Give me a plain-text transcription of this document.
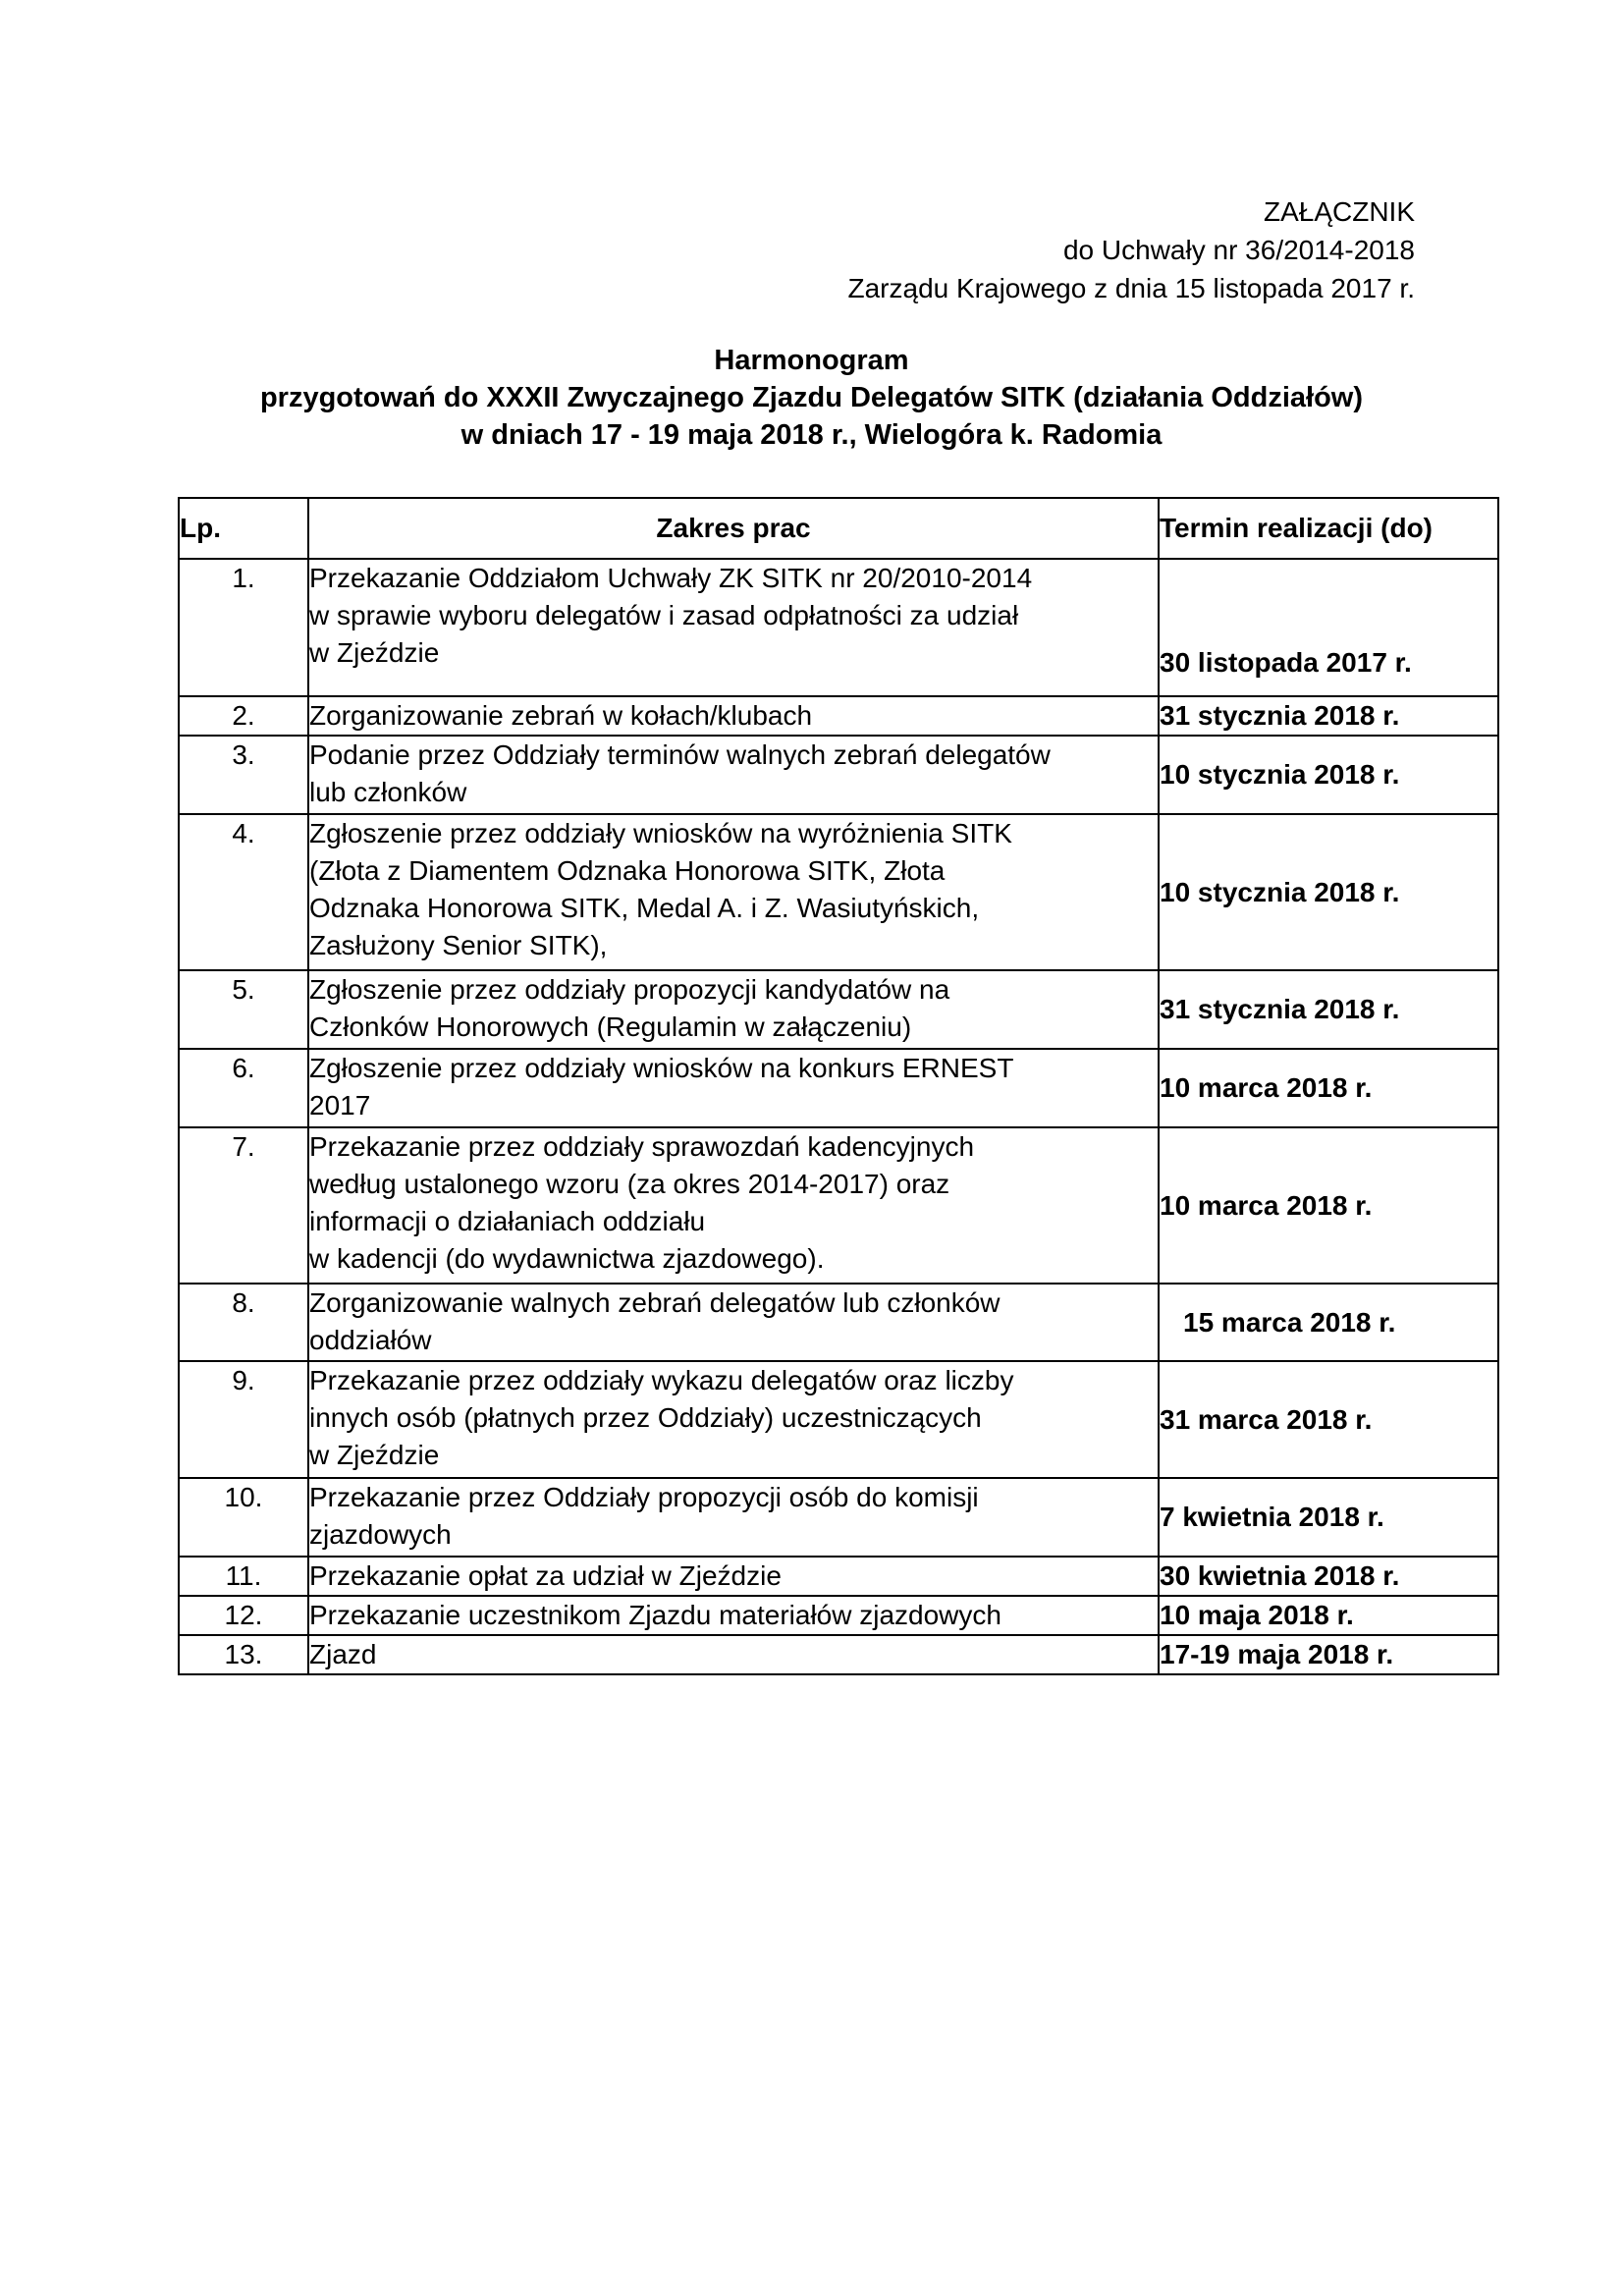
ZAŁĄCZNIK
do Uchwały nr 36/2014-2018
Zarządu Krajowego z dnia 15 listopada 2017 r.
Harmonogram
przygotowań do XXXII Zwyczajnego Zjazdu Delegatów SITK (działania Oddziałów)
w dniach 17 - 19 maja 2018 r., Wielogóra k. Radomia
Lp.	Zakres prac	Termin realizacji (do)
1.	Przekazanie Oddziałom Uchwały ZK SITK nr 20/2010-2014
w sprawie wyboru delegatów i zasad odpłatności za udział
w Zjeździe	30 listopada 2017 r.
2.	Zorganizowanie zebrań w kołach/klubach	31 stycznia 2018 r.
3.	Podanie przez Oddziały terminów walnych zebrań delegatów
lub członków	10 stycznia 2018 r.
4.	Zgłoszenie przez oddziały wniosków na wyróżnienia SITK
(Złota z Diamentem Odznaka Honorowa SITK, Złota
Odznaka Honorowa SITK, Medal A. i Z. Wasiutyńskich,
Zasłużony Senior SITK),	10 stycznia 2018 r.
5.	Zgłoszenie przez oddziały propozycji kandydatów na
Członków Honorowych (Regulamin w załączeniu)	31 stycznia 2018 r.
6.	Zgłoszenie przez oddziały wniosków na konkurs ERNEST
2017	10 marca 2018 r.
7.	Przekazanie przez oddziały sprawozdań kadencyjnych
według ustalonego wzoru (za okres 2014-2017) oraz
informacji o działaniach oddziału
w kadencji (do wydawnictwa zjazdowego).	10 marca 2018 r.
8.	Zorganizowanie walnych zebrań delegatów lub członków
oddziałów	15 marca 2018 r.
9.	Przekazanie przez oddziały wykazu delegatów oraz liczby
innych osób (płatnych przez Oddziały) uczestniczących
w Zjeździe	31 marca 2018 r.
10.	Przekazanie przez Oddziały propozycji osób do komisji
zjazdowych	7 kwietnia 2018 r.
11.	Przekazanie opłat za udział w Zjeździe	30 kwietnia 2018 r.
12.	Przekazanie uczestnikom Zjazdu materiałów zjazdowych	10 maja 2018 r.
13.	Zjazd	17-19 maja 2018 r.
